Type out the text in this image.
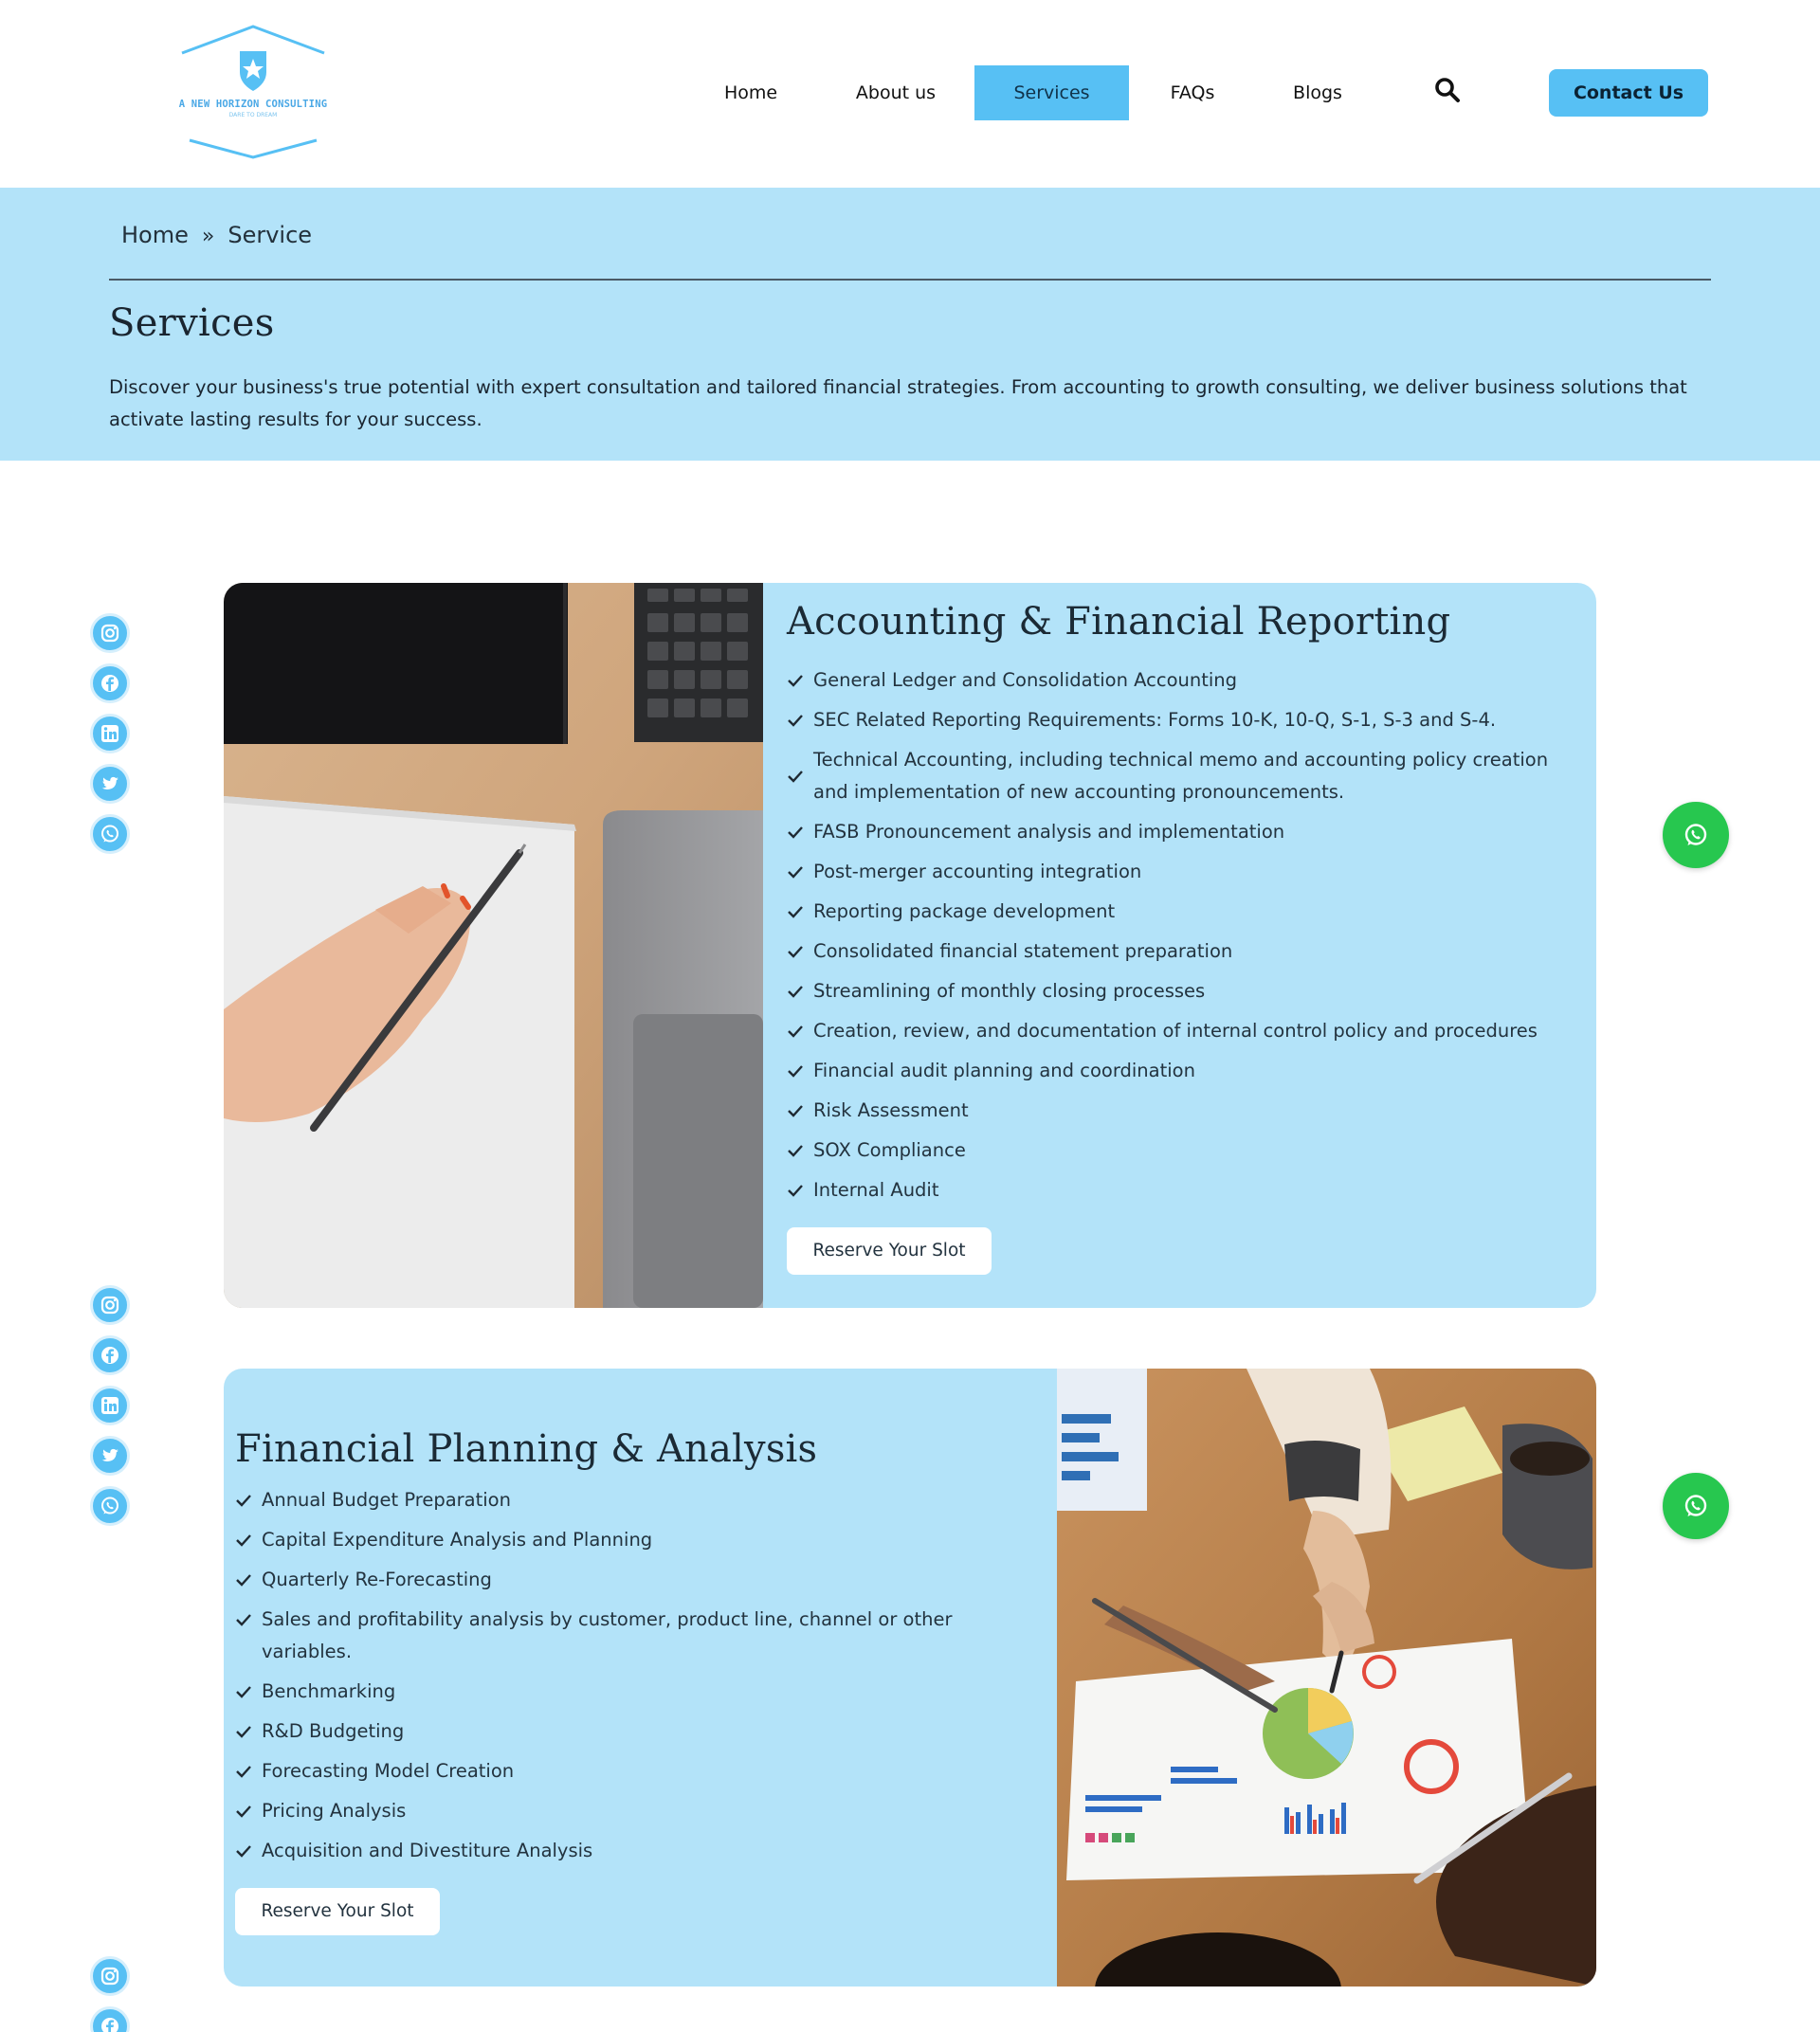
A NEW HORIZON CONSULTING
DARE TO DREAM
Home	About us	Services	FAQs	Blogs	Contact Us
Home » Service
Services

Discover your business's true potential with expert consultation and tailored financial strategies. From accounting to growth consulting, we deliver business solutions that activate lasting results for your success.

Accounting & Financial Reporting
General Ledger and Consolidation Accounting
SEC Related Reporting Requirements: Forms 10-K, 10-Q, S-1, S-3 and S-4.
Technical Accounting, including technical memo and accounting policy creation and implementation of new accounting pronouncements.
FASB Pronouncement analysis and implementation
Post-merger accounting integration
Reporting package development
Consolidated financial statement preparation
Streamlining of monthly closing processes
Creation, review, and documentation of internal control policy and procedures
Financial audit planning and coordination
Risk Assessment
SOX Compliance
Internal Audit
Reserve Your Slot
Financial Planning & Analysis
Annual Budget Preparation
Capital Expenditure Analysis and Planning
Quarterly Re-Forecasting
Sales and profitability analysis by customer, product line, channel or other variables.
Benchmarking
R&D Budgeting
Forecasting Model Creation
Pricing Analysis
Acquisition and Divestiture Analysis
Reserve Your Slot
